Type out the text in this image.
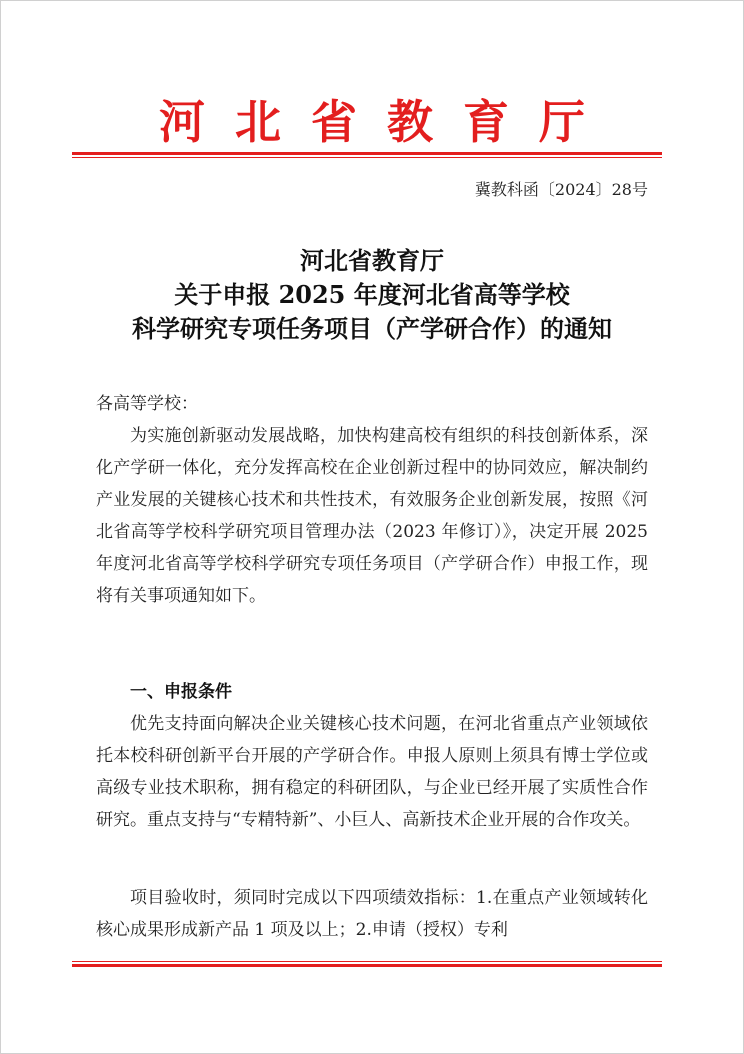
河北省教育厅
冀教科函〔2024〕28号
河北省教育厅
关于申报 2025 年度河北省高等学校
科学研究专项任务项目（产学研合作）的通知
各高等学校：
为实施创新驱动发展战略，加快构建高校有组织的科技创新体系，深化产学研一体化，充分发挥高校在企业创新过程中的协同效应，解决制约产业发展的关键核心技术和共性技术，有效服务企业创新发展，按照《河北省高等学校科学研究项目管理办法（2023 年修订）》，决定开展 2025 年度河北省高等学校科学研究专项任务项目（产学研合作）申报工作，现将有关事项通知如下。
一、申报条件
优先支持面向解决企业关键核心技术问题，在河北省重点产业领域依托本校科研创新平台开展的产学研合作。申报人原则上须具有博士学位或高级专业技术职称，拥有稳定的科研团队，与企业已经开展了实质性合作研究。重点支持与“专精特新”、小巨人、高新技术企业开展的合作攻关。
项目验收时，须同时完成以下四项绩效指标：1.在重点产业领域转化核心成果形成新产品 1 项及以上；2.申请（授权）专利
